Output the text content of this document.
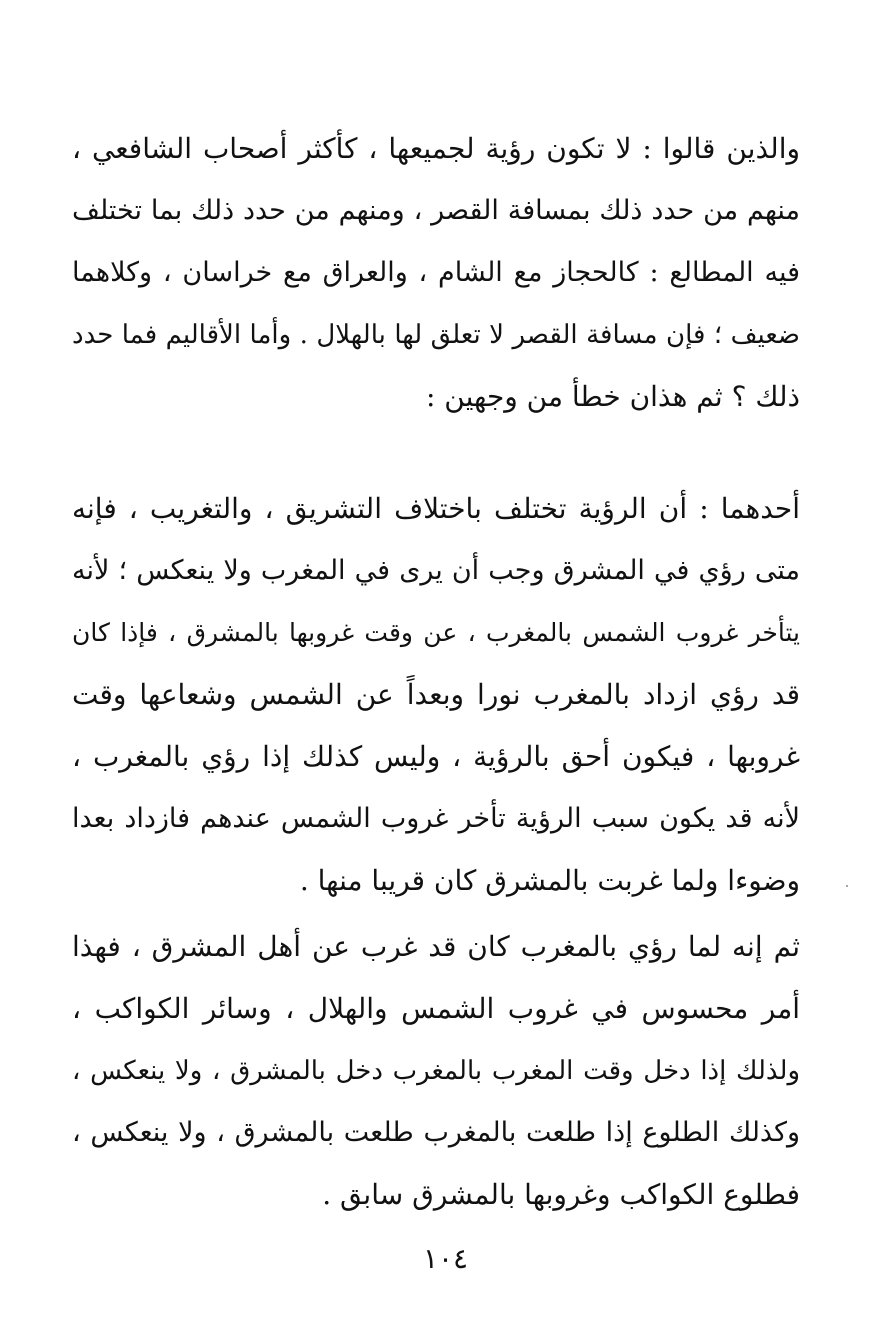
والذين قالوا : لا تكون رؤية لجميعها ، كأكثر أصحاب الشافعي ،
منهم من حدد ذلك بمسافة القصر ، ومنهم من حدد ذلك بما تختلف
فيه المطالع : كالحجاز مع الشام ، والعراق مع خراسان ، وكلاهما
ضعيف ؛ فإن مسافة القصر لا تعلق لها بالهلال . وأما الأقاليم فما حدد
ذلك ؟ ثم هذان خطأ من وجهين :
أحدهما : أن الرؤية تختلف باختلاف التشريق ، والتغريب ، فإنه
متى رؤي في المشرق وجب أن يرى في المغرب ولا ينعكس ؛ لأنه
يتأخر غروب الشمس بالمغرب ، عن وقت غروبها بالمشرق ، فإذا كان
قد رؤي ازداد بالمغرب نورا وبعداً عن الشمس وشعاعها وقت
غروبها ، فيكون أحق بالرؤية ، وليس كذلك إذا رؤي بالمغرب ،
لأنه قد يكون سبب الرؤية تأخر غروب الشمس عندهم فازداد بعدا
وضوءا ولما غربت بالمشرق كان قريبا منها .
ثم إنه لما رؤي بالمغرب كان قد غرب عن أهل المشرق ، فهذا
أمر محسوس في غروب الشمس والهلال ، وسائر الكواكب ،
ولذلك إذا دخل وقت المغرب بالمغرب دخل بالمشرق ، ولا ينعكس ،
وكذلك الطلوع إذا طلعت بالمغرب طلعت بالمشرق ، ولا ينعكس ،
فطلوع الكواكب وغروبها بالمشرق سابق .
١٠٤
